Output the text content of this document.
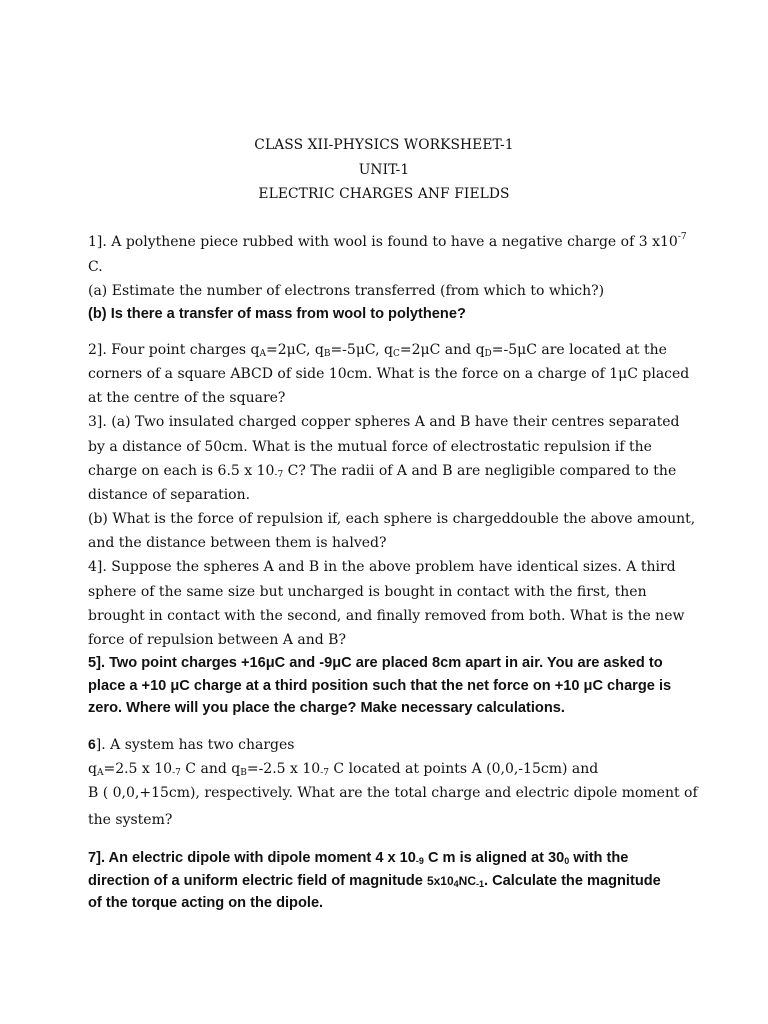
CLASS XII-PHYSICS WORKSHEET-1
UNIT-1
ELECTRIC CHARGES ANF FIELDS
1]. A polythene piece rubbed with wool is found to have a negative charge of 3 $x10^{-7}$
C.
(a) Estimate the number of electrons transferred (from which to which?)
(b) Is there a transfer of mass from wool to polythene?
2]. Four point charges $q_A=2\mu C$, $q_B=-5\mu C$, $q_C=2\mu C$ and $q_D=-5\mu C$ are located at the
corners of a square ABCD of side 10cm. What is the force on a charge of 1μC placed
at the centre of the square?
3]. (a) Two insulated charged copper spheres A and B have their centres separated
by a distance of 50cm. What is the mutual force of electrostatic repulsion if the
charge on each is 6.5 x 10-7 C? The radii of A and B are negligible compared to the
distance of separation.
(b) What is the force of repulsion if, each sphere is chargeddouble the above amount,
and the distance between them is halved?
4]. Suppose the spheres A and B in the above problem have identical sizes. A third
sphere of the same size but uncharged is bought in contact with the first, then
brought in contact with the second, and finally removed from both. What is the new
force of repulsion between A and B?
5]. Two point charges +16μC and -9μC are placed 8cm apart in air. You are asked to
place a +10 μC charge at a third position such that the net force on +10 μC charge is
zero. Where will you place the charge? Make necessary calculations.
6]. A system has two charges
$q_A=2.5$ x 10-7 C and $q_B=-2.5$ x 10-7 C located at points A (0,0,-15cm) and
B ( 0,0,+15cm), respectively. What are the total charge and electric dipole moment of
the system?
7]. An electric dipole with dipole moment 4 x 10-9 C m is aligned at 300 with the
direction of a uniform electric field of magnitude 5x104NC-1. Calculate the magnitude
of the torque acting on the dipole.
